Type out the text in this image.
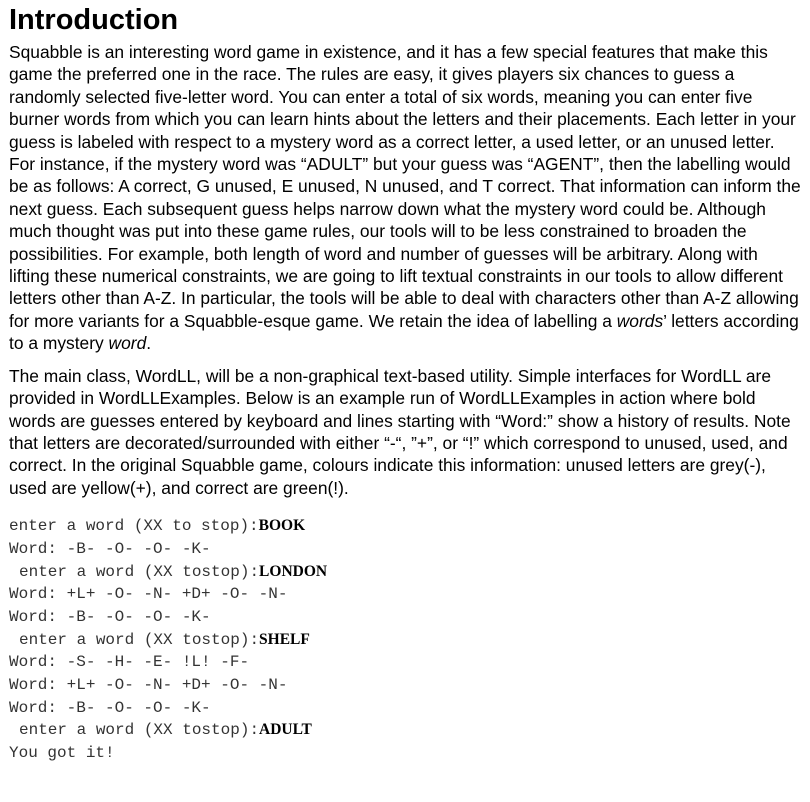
Introduction

Squabble is an interesting word game in existence, and it has a few special features that make this game the preferred one in the race. The rules are easy, it gives players six chances to guess a randomly selected five-letter word. You can enter a total of six words, meaning you can enter five burner words from which you can learn hints about the letters and their placements. Each letter in your guess is labeled with respect to a mystery word as a correct letter, a used letter, or an unused letter. For instance, if the mystery word was “ADULT” but your guess was “AGENT”, then the labelling would be as follows: A correct, G unused, E unused, N unused, and T correct. That information can inform the next guess. Each subsequent guess helps narrow down what the mystery word could be. Although much thought was put into these game rules, our tools will to be less constrained to broaden the possibilities. For example, both length of word and number of guesses will be arbitrary. Along with lifting these numerical constraints, we are going to lift textual constraints in our tools to allow different letters other than A-Z. In particular, the tools will be able to deal with characters other than A-Z allowing for more variants for a Squabble-esque game. We retain the idea of labelling a words’ letters according to a mystery word.

The main class, WordLL, will be a non-graphical text-based utility. Simple interfaces for WordLL are provided in WordLLExamples. Below is an example run of WordLLExamples in action where bold words are guesses entered by keyboard and lines starting with “Word:” show a history of results. Note that letters are decorated/surrounded with either “-“, ”+”, or “!” which correspond to unused, used, and correct. In the original Squabble game, colours indicate this information: unused letters are grey(-), used are yellow(+), and correct are green(!).

enter a word (XX to stop):BOOK
Word: -B- -O- -O- -K-
enter a word (XX tostop):LONDON
Word: +L+ -O- -N- +D+ -O- -N-
Word: -B- -O- -O- -K-
enter a word (XX tostop):SHELF
Word: -S- -H- -E- !L! -F-
Word: +L+ -O- -N- +D+ -O- -N-
Word: -B- -O- -O- -K-
enter a word (XX tostop):ADULT
You got it!
